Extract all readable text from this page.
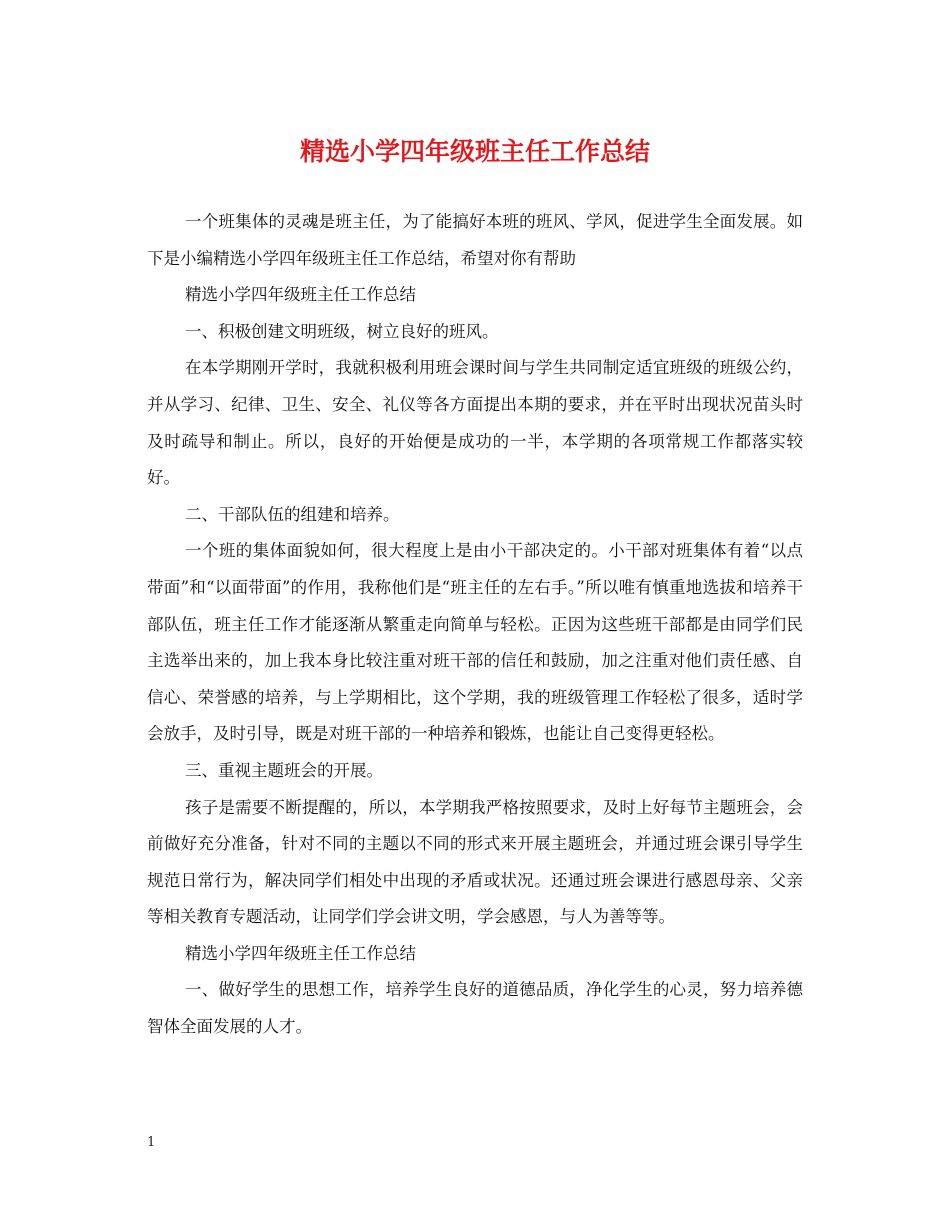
精选小学四年级班主任工作总结

一个班集体的灵魂是班主任，为了能搞好本班的班风、学风，促进学生全面发展。如下是小编精选小学四年级班主任工作总结，希望对你有帮助

精选小学四年级班主任工作总结

一、积极创建文明班级，树立良好的班风。

在本学期刚开学时，我就积极利用班会课时间与学生共同制定适宜班级的班级公约，并从学习、纪律、卫生、安全、礼仪等各方面提出本期的要求，并在平时出现状况苗头时及时疏导和制止。所以，良好的开始便是成功的一半，本学期的各项常规工作都落实较好。

二、干部队伍的组建和培养。

一个班的集体面貌如何，很大程度上是由小干部决定的。小干部对班集体有着“以点带面”和“以面带面”的作用，我称他们是“班主任的左右手。”所以唯有慎重地选拔和培养干部队伍，班主任工作才能逐渐从繁重走向简单与轻松。正因为这些班干部都是由同学们民主选举出来的，加上我本身比较注重对班干部的信任和鼓励，加之注重对他们责任感、自信心、荣誉感的培养，与上学期相比，这个学期，我的班级管理工作轻松了很多，适时学会放手，及时引导，既是对班干部的一种培养和锻炼，也能让自己变得更轻松。

三、重视主题班会的开展。

孩子是需要不断提醒的，所以，本学期我严格按照要求，及时上好每节主题班会，会前做好充分准备，针对不同的主题以不同的形式来开展主题班会，并通过班会课引导学生规范日常行为，解决同学们相处中出现的矛盾或状况。还通过班会课进行感恩母亲、父亲等相关教育专题活动，让同学们学会讲文明，学会感恩，与人为善等等。

精选小学四年级班主任工作总结

一、做好学生的思想工作，培养学生良好的道德品质，净化学生的心灵，努力培养德智体全面发展的人才。

1
